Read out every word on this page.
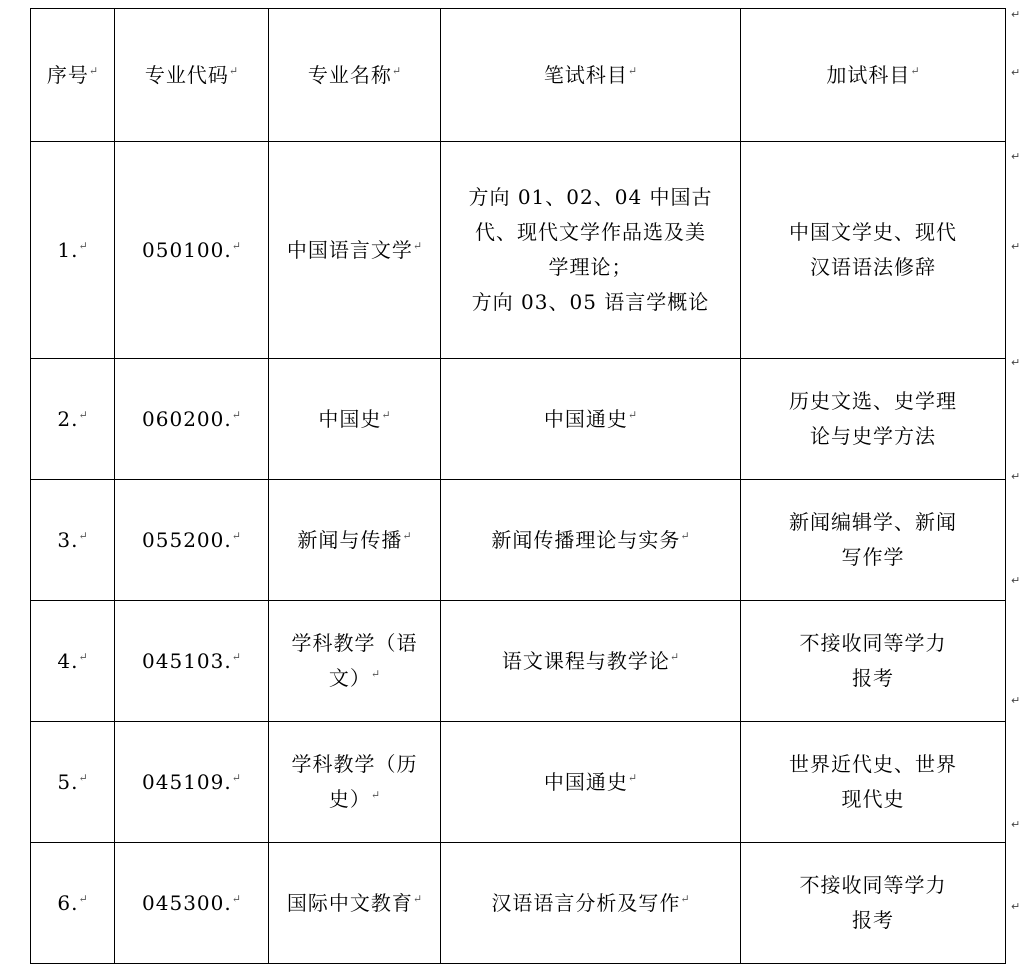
序号↵	专业代码↵	专业名称↵	笔试科目↵	加试科目↵
1.↵	050100.↵	中国语言文学↵	方向 01、02、04 中国古
代、现代文学作品选及美
学理论；
方向 03、05 语言学概论	中国文学史、现代
汉语语法修辞

2.↵	060200.↵	中国史↵	中国通史↵	历史文选、史学理
论与史学方法

3.↵	055200.↵	新闻与传播↵	新闻传播理论与实务↵	新闻编辑学、新闻
写作学

4.↵	045103.↵	学科教学（语文）↵	语文课程与教学论↵	不接收同等学力
报考

5.↵	045109.↵	学科教学（历史）↵	中国通史↵	世界近代史、世界
现代史

6.↵	045300.↵	国际中文教育↵	汉语语言分析及写作↵	不接收同等学力
报考
↵
↵
↵
↵
↵
↵
↵
↵
↵
↵
